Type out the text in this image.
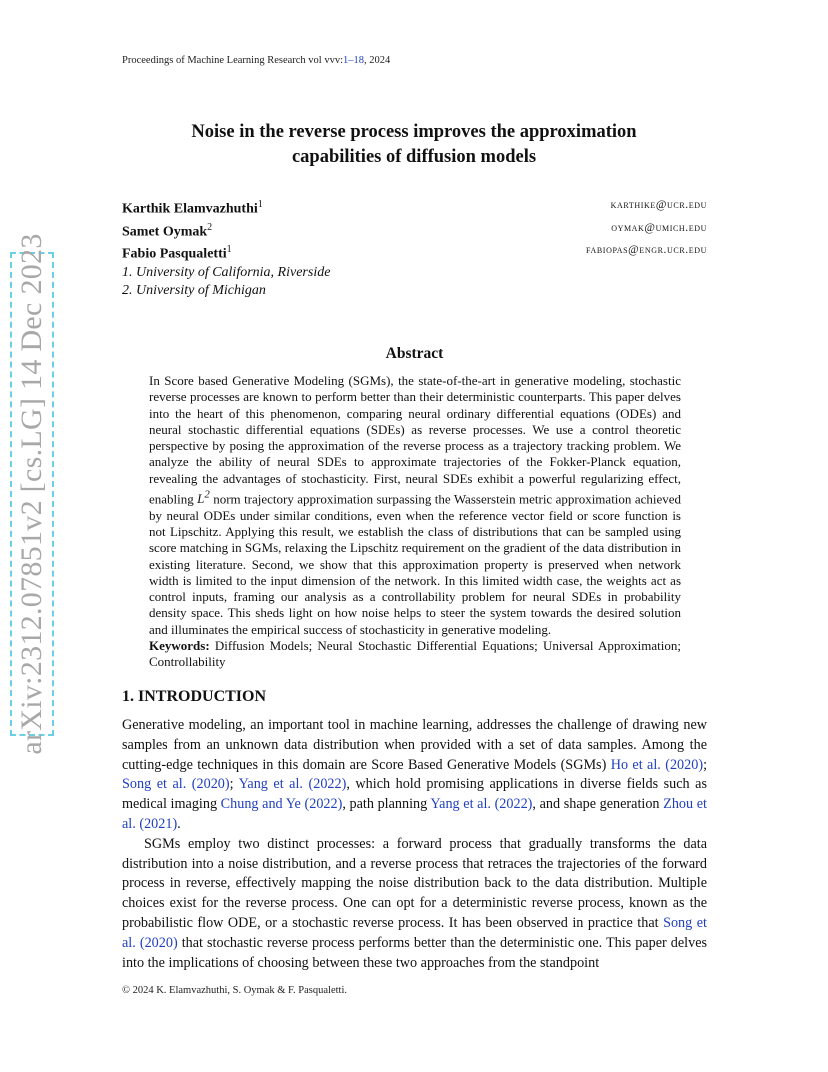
Proceedings of Machine Learning Research vol vvv:1–18, 2024
arXiv:2312.07851v2 [cs.LG] 14 Dec 2023
Noise in the reverse process improves the approximation
capabilities of diffusion models
Karthik Elamvazhuthi$^1$	karthike@ucr.edu
Samet Oymak$^2$	oymak@umich.edu
Fabio Pasqualetti$^1$	fabiopas@engr.ucr.edu
1. University of California, Riverside
2. University of Michigan
Abstract
In Score based Generative Modeling (SGMs), the state-of-the-art in generative modeling, stochastic reverse processes are known to perform better than their deterministic counterparts. This paper delves into the heart of this phenomenon, comparing neural ordinary differential equations (ODEs) and neural stochastic differential equations (SDEs) as reverse processes. We use a control theoretic perspective by posing the approximation of the reverse process as a trajectory tracking problem. We analyze the ability of neural SDEs to approximate trajectories of the Fokker-Planck equation, revealing the advantages of stochasticity. First, neural SDEs exhibit a powerful regularizing effect, enabling $L^2$ norm trajectory approximation surpassing the Wasserstein metric approximation achieved by neural ODEs under similar conditions, even when the reference vector field or score function is not Lipschitz. Applying this result, we establish the class of distributions that can be sampled using score matching in SGMs, relaxing the Lipschitz requirement on the gradient of the data distribution in existing literature. Second, we show that this approximation property is preserved when network width is limited to the input dimension of the network. In this limited width case, the weights act as control inputs, framing our analysis as a controllability problem for neural SDEs in probability density space. This sheds light on how noise helps to steer the system towards the desired solution and illuminates the empirical success of stochasticity in generative modeling.
Keywords: Diffusion Models; Neural Stochastic Differential Equations; Universal Approximation; Controllability
1. INTRODUCTION

Generative modeling, an important tool in machine learning, addresses the challenge of drawing new samples from an unknown data distribution when provided with a set of data samples. Among the cutting-edge techniques in this domain are Score Based Generative Models (SGMs) Ho et al. (2020); Song et al. (2020); Yang et al. (2022), which hold promising applications in diverse fields such as medical imaging Chung and Ye (2022), path planning Yang et al. (2022), and shape generation Zhou et al. (2021).

SGMs employ two distinct processes: a forward process that gradually transforms the data distribution into a noise distribution, and a reverse process that retraces the trajectories of the forward process in reverse, effectively mapping the noise distribution back to the data distribution. Multiple choices exist for the reverse process. One can opt for a deterministic reverse process, known as the probabilistic flow ODE, or a stochastic reverse process. It has been observed in practice that Song et al. (2020) that stochastic reverse process performs better than the deterministic one. This paper delves into the implications of choosing between these two approaches from the standpoint

© 2024 K. Elamvazhuthi, S. Oymak & F. Pasqualetti.
